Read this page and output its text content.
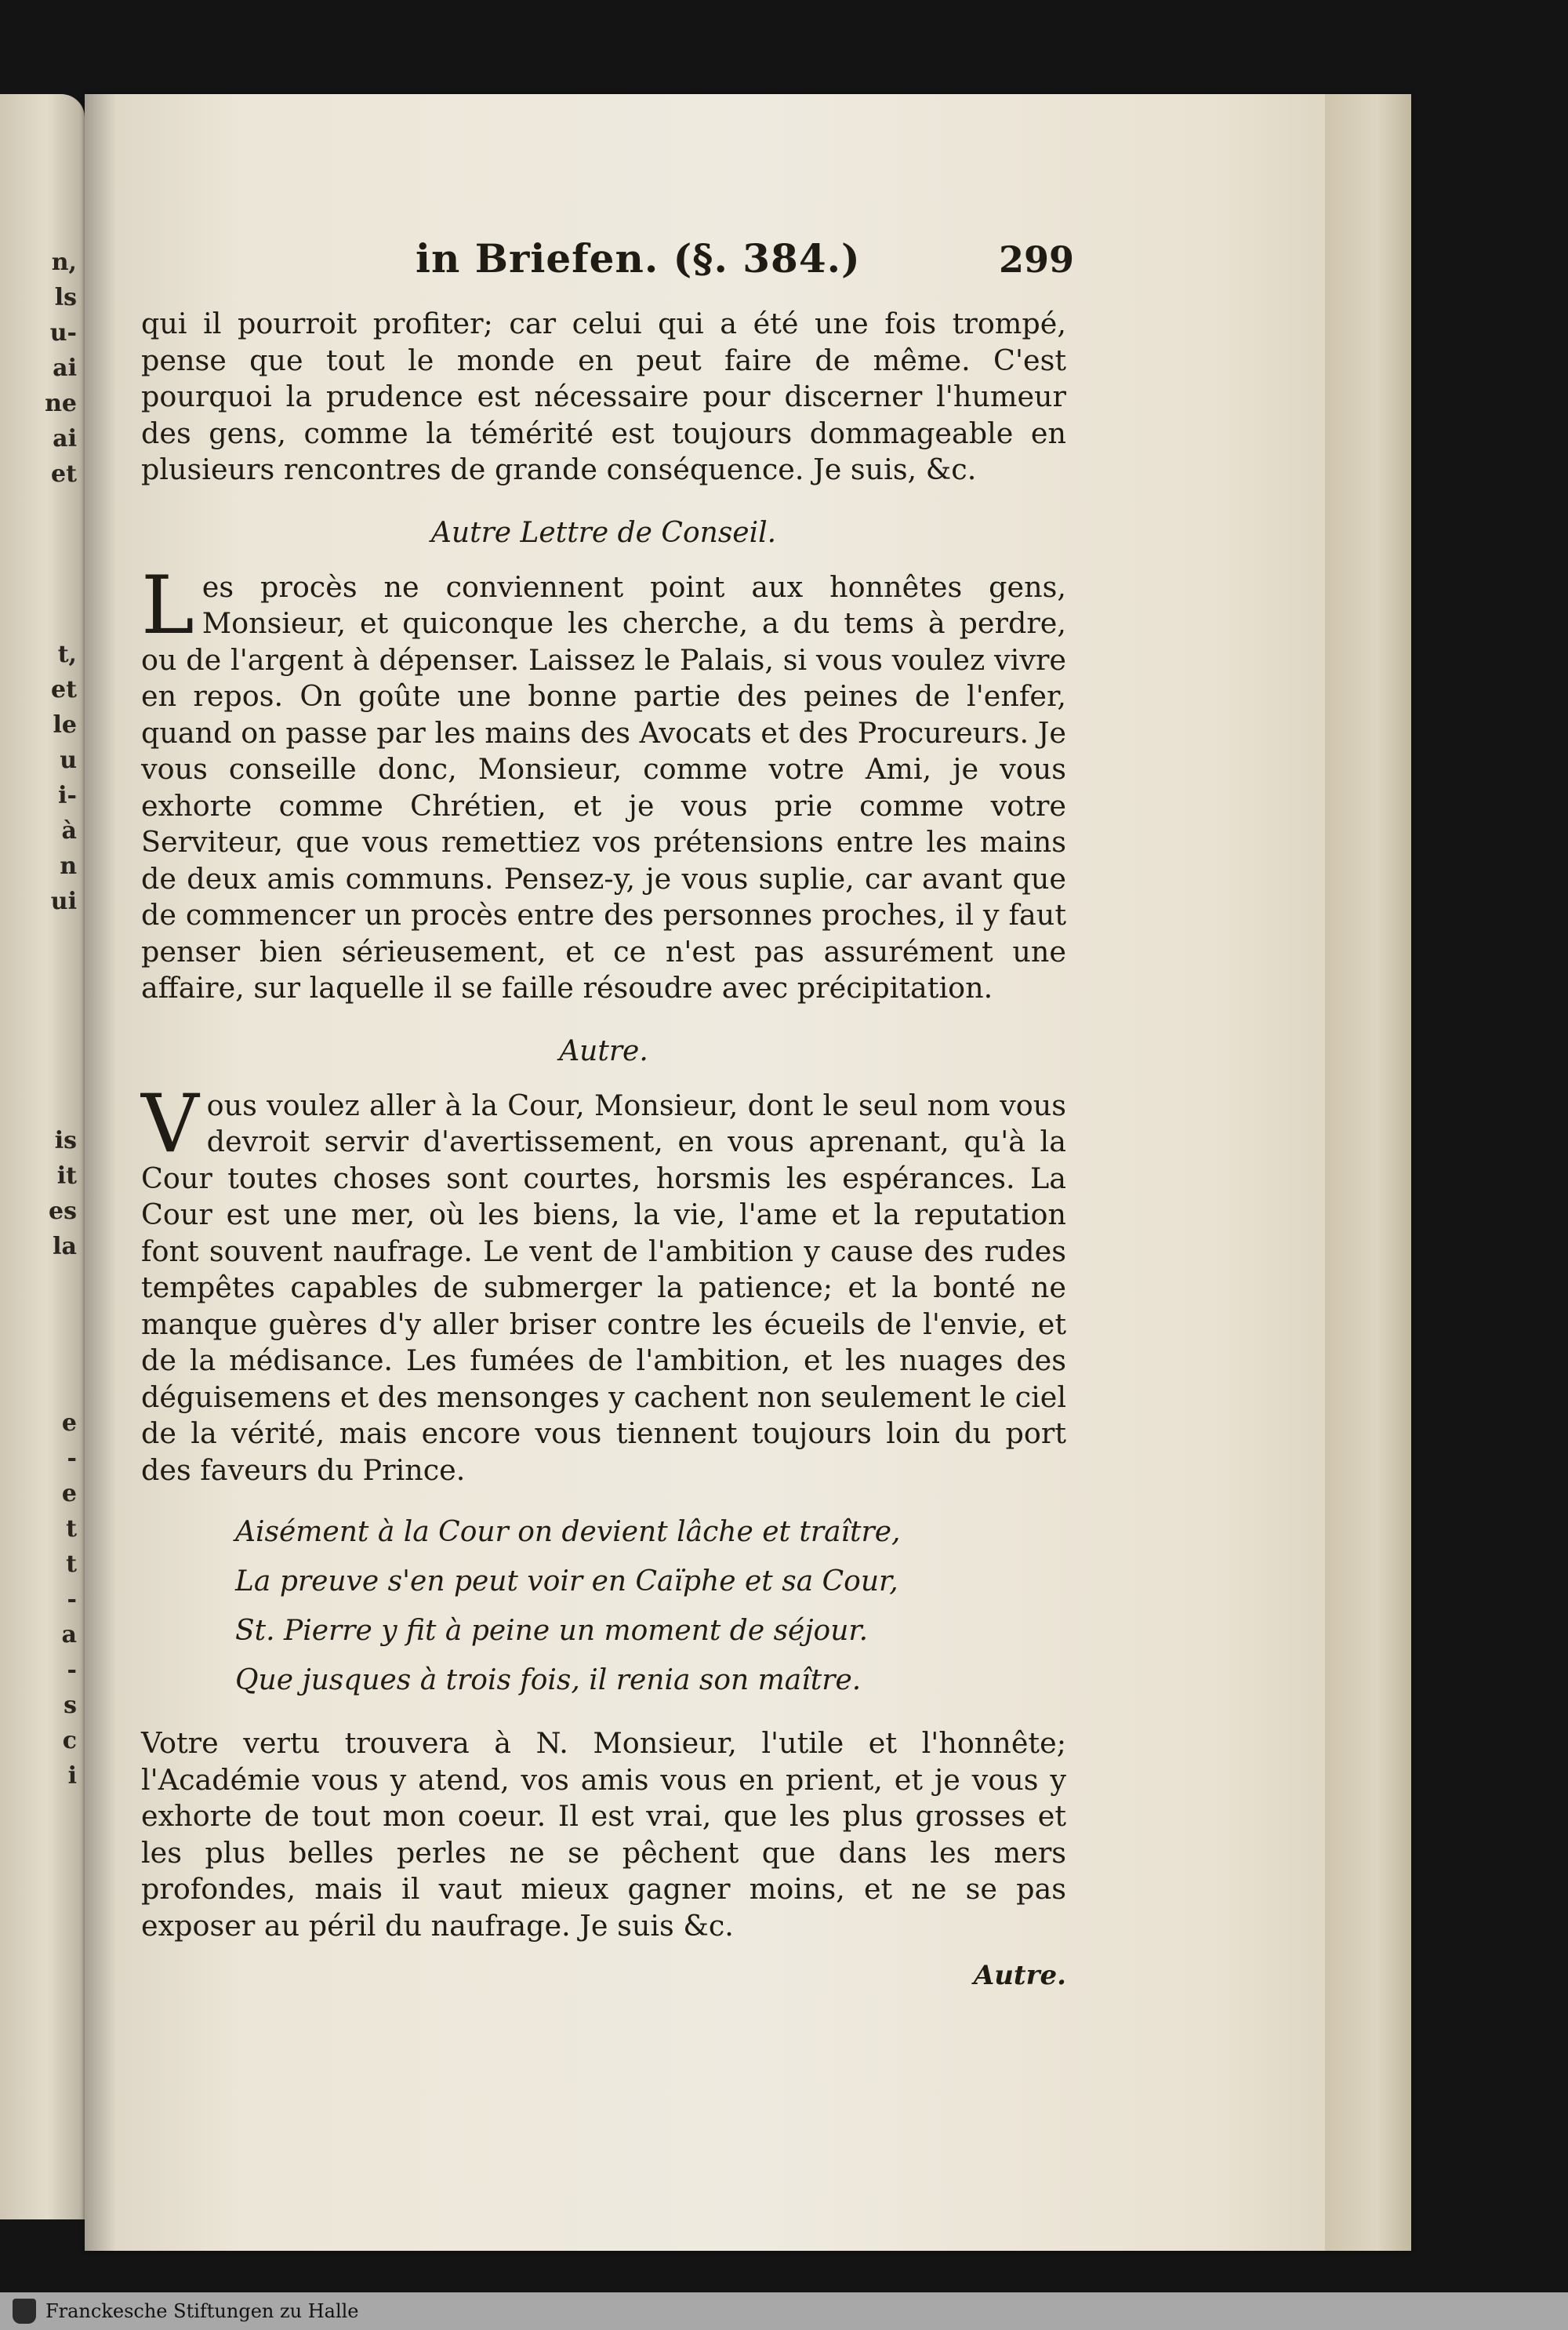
n,
ls
u-
ai
ne
ai
et
t,
et
le
u
i-
à
n
ui
is
it
es
la
e
-
e
t
t
-
a
-
s
c
i
in Briefen. (§. 384.)	299

qui il pourroit profiter; car celui qui a été une fois trompé, pense que tout le monde en peut faire de même. C'est pourquoi la prudence est nécessaire pour discerner l'humeur des gens, comme la témérité est toujours dommageable en plusieurs rencontres de grande conséquence. Je suis, &c.

Autre Lettre de Conseil.

Les procès ne conviennent point aux honnêtes gens, Monsieur, et quiconque les cherche, a du tems à perdre, ou de l'argent à dépenser. Laissez le Palais, si vous voulez vivre en repos. On goûte une bonne partie des peines de l'enfer, quand on passe par les mains des Avocats et des Procureurs. Je vous conseille donc, Monsieur, comme votre Ami, je vous exhorte comme Chrétien, et je vous prie comme votre Serviteur, que vous remettiez vos prétensions entre les mains de deux amis communs. Pensez-y, je vous suplie, car avant que de commencer un procès entre des personnes proches, il y faut penser bien sérieusement, et ce n'est pas assurément une affaire, sur laquelle il se faille résoudre avec précipitation.

Autre.

Vous voulez aller à la Cour, Monsieur, dont le seul nom vous devroit servir d'avertissement, en vous aprenant, qu'à la Cour toutes choses sont courtes, horsmis les espérances. La Cour est une mer, où les biens, la vie, l'ame et la reputation font souvent naufrage. Le vent de l'ambition y cause des rudes tempêtes capables de submerger la patience; et la bonté ne manque guères d'y aller briser contre les écueils de l'envie, et de la médisance. Les fumées de l'ambition, et les nuages des déguisemens et des mensonges y cachent non seulement le ciel de la vérité, mais encore vous tiennent toujours loin du port des faveurs du Prince.

Aisément à la Cour on devient lâche et traître,
La preuve s'en peut voir en Caïphe et sa Cour,
St. Pierre y fit à peine un moment de séjour.
Que jusques à trois fois, il renia son maître.

Votre vertu trouvera à N. Monsieur, l'utile et l'honnête; l'Académie vous y atend, vos amis vous en prient, et je vous y exhorte de tout mon coeur. Il est vrai, que les plus grosses et les plus belles perles ne se pêchent que dans les mers profondes, mais il vaut mieux gagner moins, et ne se pas exposer au péril du naufrage. Je suis &c.

Autre.
Franckesche Stiftungen zu Halle
